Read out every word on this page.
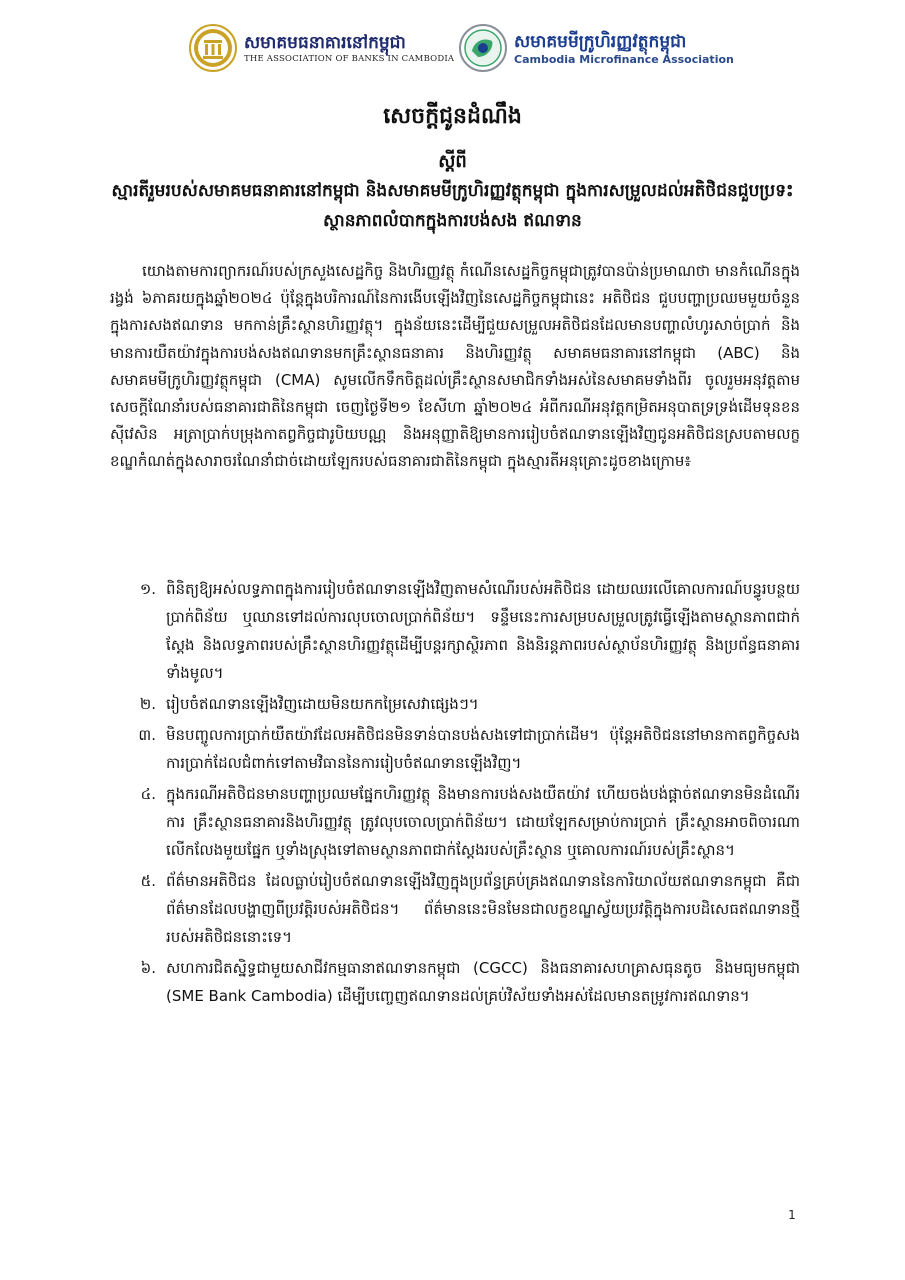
សមាគមធនាគារនៅកម្ពុជា
THE ASSOCIATION OF BANKS IN CAMBODIA
សមាគមមីក្រូហិរញ្ញវត្ថុកម្ពុជា
Cambodia Microfinance Association
សេចក្តីជូនដំណឹង
ស្តីពី
ស្មារតីរួមរបស់សមាគមធនាគារនៅកម្ពុជា និងសមាគមមីក្រូហិរញ្ញវត្ថុកម្ពុជា ក្នុងការសម្រួលដល់អតិថិជនជួបប្រទះស្ថានភាពលំបាកក្នុងការបង់សង ឥណទាន

យោងតាមការព្យាករណ៍របស់ក្រសួងសេដ្ឋកិច្ច និងហិរញ្ញវត្ថុ កំណើនសេដ្ឋកិច្ចកម្ពុជាត្រូវបានប៉ាន់ប្រមាណថា មានកំណើនក្នុងរង្វង់ ៦ភាគរយក្នុងឆ្នាំ២០២៤ ប៉ុន្តែក្នុងបរិការណ៍នៃការងើបឡើងវិញនៃសេដ្ឋកិច្ចកម្ពុជានេះ អតិថិជន ជួបបញ្ហាប្រឈមមួយចំនួន ក្នុងការសងឥណទាន មកកាន់គ្រឹះស្ថានហិរញ្ញវត្ថុ។ ក្នុងន័យនេះដើម្បីជួយសម្រួលអតិថិជនដែលមានបញ្ហាលំហូរសាច់ប្រាក់ និងមានការយឺតយ៉ាវក្នុងការបង់សងឥណទានមកគ្រឹះស្ថានធនាគារ និងហិរញ្ញវត្ថុ សមាគមធនាគារនៅកម្ពុជា (ABC) និងសមាគមមីក្រូហិរញ្ញវត្ថុកម្ពុជា (CMA) សូមលើកទឹកចិត្តដល់គ្រឹះស្ថានសមាជិកទាំងអស់នៃសមាគមទាំងពីរ ចូលរួមអនុវត្តតាមសេចក្តីណែនាំរបស់ធនាគារជាតិនៃកម្ពុជា ចេញថ្ងៃទី២១ ខែសីហា ឆ្នាំ២០២៤ អំពីករណីអនុវត្តកម្រិតអនុបាតទ្រទ្រង់ដើមទុនខនស៊ីវេសិន អត្រាប្រាក់បម្រុងកាតព្វកិច្ចជារូបិយបណ្ណ និងអនុញ្ញាតិឱ្យមានការរៀបចំឥណទានឡើងវិញជូនអតិថិជនស្របតាមលក្ខខណ្ឌកំណត់ក្នុងសារាចរណែនាំជាច់ដោយឡែករបស់ធនាគារជាតិនៃកម្ពុជា ក្នុងស្មារតីអនុគ្រោះដូចខាងក្រោម៖

១. ពិនិត្យឱ្យអស់លទ្ធភាពក្នុងការរៀបចំឥណទានឡើងវិញតាមសំណើរបស់អតិថិជន ដោយឈរលើគោលការណ៍បន្ធូរបន្ថយប្រាក់ពិន័យ ឬឈានទៅដល់ការលុបចោលប្រាក់ពិន័យ។ ទន្ទឹមនេះការសម្របសម្រួលត្រូវធ្វើឡើងតាមស្ថានភាពជាក់ស្តែង និងលទ្ធភាពរបស់គ្រឹះស្ថានហិរញ្ញវត្ថុដើម្បីបន្តរក្សាស្ថិរភាព និងនិរន្តភាពរបស់ស្ថាប័នហិរញ្ញវត្ថុ និងប្រព័ន្ធធនាគារទាំងមូល។
២. រៀបចំឥណទានឡើងវិញដោយមិនយកកម្រៃសេវាផ្សេងៗ។
៣. មិនបញ្ចូលការប្រាក់យឺតយ៉ាវដែលអតិថិជនមិនទាន់បានបង់សងទៅជាប្រាក់ដើម។ ប៉ុន្តែអតិថិជននៅមានកាតព្វកិច្ចសងការប្រាក់ដែលជំពាក់ទៅតាមវិធាននៃការរៀបចំឥណទានឡើងវិញ។
៤. ក្នុងករណីអតិថិជនមានបញ្ហាប្រឈមផ្នែកហិរញ្ញវត្ថុ និងមានការបង់សងយឺតយ៉ាវ ហើយចង់បង់ផ្តាច់ឥណទានមិនដំណើរការ គ្រឹះស្ថានធនាគារនិងហិរញ្ញវត្ថុ ត្រូវលុបចោលប្រាក់ពិន័យ។ ដោយឡែកសម្រាប់ការប្រាក់ គ្រឹះស្ថានអាចពិចារណាលើកលែងមួយផ្នែក ឬទាំងស្រុងទៅតាមស្ថានភាពជាក់ស្តែងរបស់គ្រឹះស្ថាន ឬគោលការណ៍របស់គ្រឹះស្ថាន។
៥. ព័ត៌មានអតិថិជន ដែលធ្លាប់រៀបចំឥណទានឡើងវិញក្នុងប្រព័ន្ធគ្រប់គ្រងឥណទាននៃការិយាល័យឥណទានកម្ពុជា គឺជាព័ត៌មានដែលបង្ហាញពីប្រវត្តិរបស់អតិថិជន។ ព័ត៌មាននេះមិនមែនជាលក្ខខណ្ឌស្វ័យប្រវត្តិក្នុងការបដិសេធឥណទានថ្មីរបស់អតិថិជននោះទេ។
៦. សហការជិតស្និទ្ធជាមួយសាជីវកម្មធានាឥណទានកម្ពុជា (CGCC) និងធនាគារសហគ្រាសធុនតូច និងមធ្យមកម្ពុជា (SME Bank Cambodia) ដើម្បីបញ្ចេញឥណទានដល់គ្រប់វិស័យទាំងអស់ដែលមានតម្រូវការឥណទាន។
1
